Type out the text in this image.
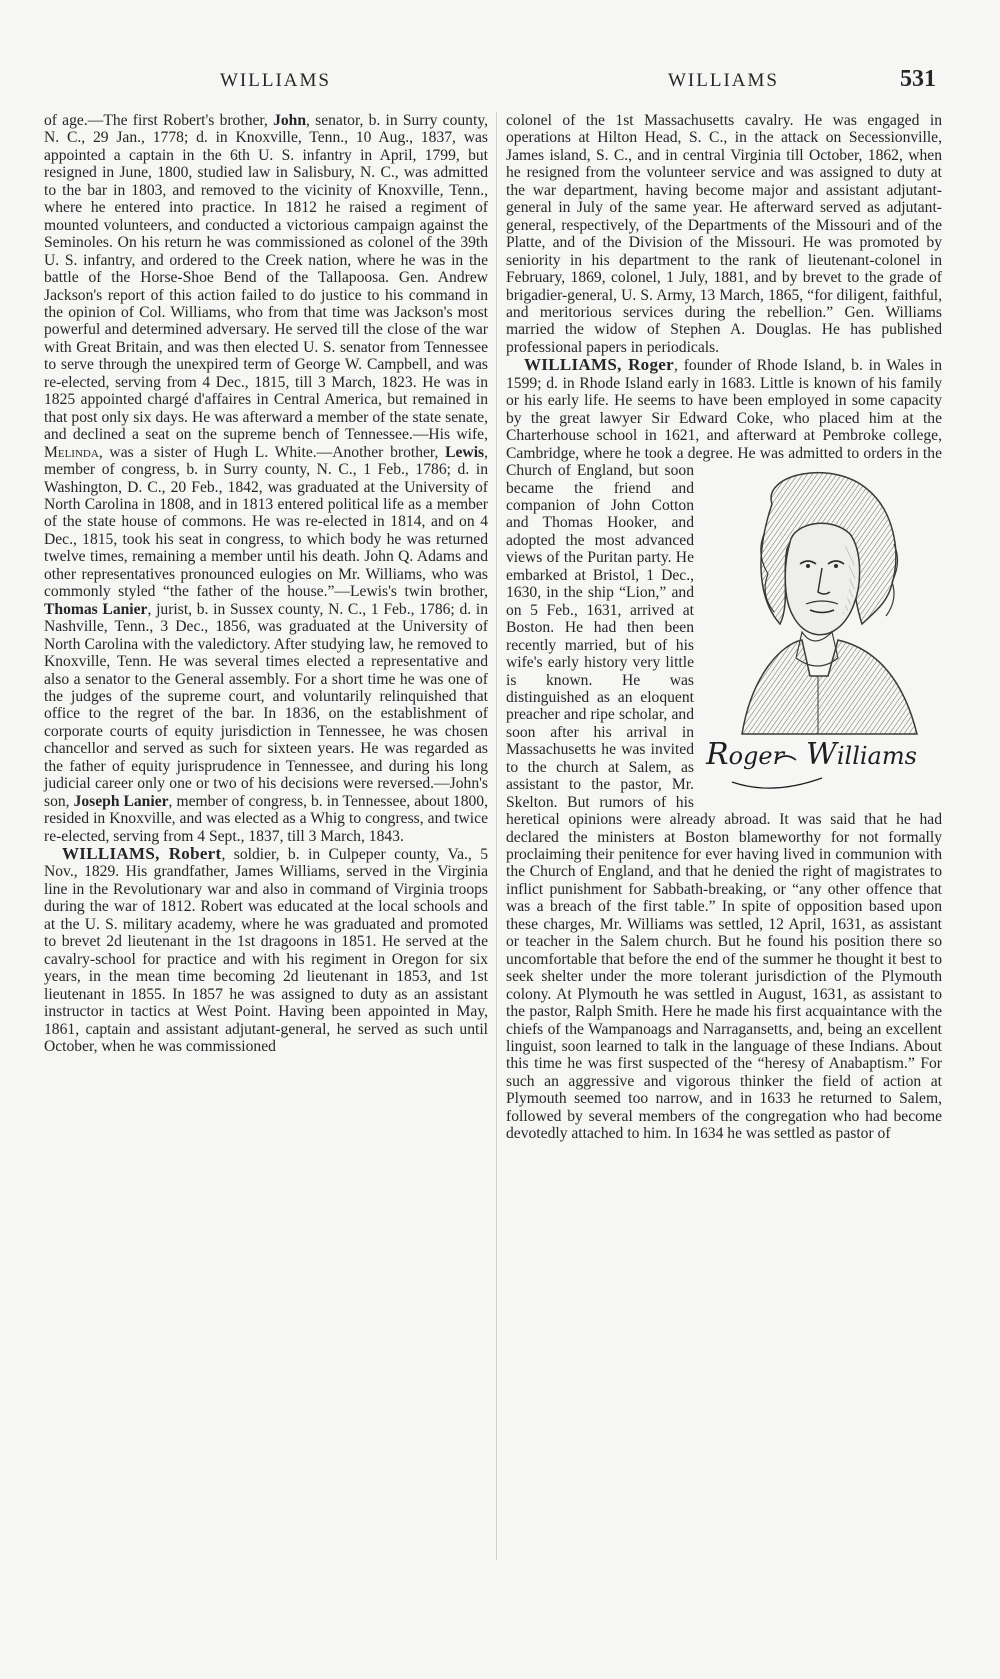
WILLIAMS	WILLIAMS	531

of age.—The first Robert's brother, John, senator, b. in Surry county, N. C., 29 Jan., 1778; d. in Knoxville, Tenn., 10 Aug., 1837, was appointed a captain in the 6th U. S. infantry in April, 1799, but resigned in June, 1800, studied law in Salisbury, N. C., was admitted to the bar in 1803, and removed to the vicinity of Knoxville, Tenn., where he entered into practice. In 1812 he raised a regiment of mounted volunteers, and conducted a victorious campaign against the Seminoles. On his return he was commissioned as colonel of the 39th U. S. infantry, and ordered to the Creek nation, where he was in the battle of the Horse-Shoe Bend of the Tallapoosa. Gen. Andrew Jackson's report of this action failed to do justice to his command in the opinion of Col. Williams, who from that time was Jackson's most powerful and determined adversary. He served till the close of the war with Great Britain, and was then elected U. S. senator from Tennessee to serve through the unexpired term of George W. Campbell, and was re-elected, serving from 4 Dec., 1815, till 3 March, 1823. He was in 1825 appointed chargé d'affaires in Central America, but remained in that post only six days. He was afterward a member of the state senate, and declined a seat on the supreme bench of Tennessee.—His wife, Melinda, was a sister of Hugh L. White.—Another brother, Lewis, member of congress, b. in Surry county, N. C., 1 Feb., 1786; d. in Washington, D. C., 20 Feb., 1842, was graduated at the University of North Carolina in 1808, and in 1813 entered political life as a member of the state house of commons. He was re-elected in 1814, and on 4 Dec., 1815, took his seat in congress, to which body he was returned twelve times, remaining a member until his death. John Q. Adams and other representatives pronounced eulogies on Mr. Williams, who was commonly styled “the father of the house.”—Lewis's twin brother, Thomas Lanier, jurist, b. in Sussex county, N. C., 1 Feb., 1786; d. in Nashville, Tenn., 3 Dec., 1856, was graduated at the University of North Carolina with the valedictory. After studying law, he removed to Knoxville, Tenn. He was several times elected a representative and also a senator to the General assembly. For a short time he was one of the judges of the supreme court, and voluntarily relinquished that office to the regret of the bar. In 1836, on the establishment of corporate courts of equity jurisdiction in Tennessee, he was chosen chancellor and served as such for sixteen years. He was regarded as the father of equity jurisprudence in Tennessee, and during his long judicial career only one or two of his decisions were reversed.—John's son, Joseph Lanier, member of congress, b. in Tennessee, about 1800, resided in Knoxville, and was elected as a Whig to congress, and twice re-elected, serving from 4 Sept., 1837, till 3 March, 1843.

WILLIAMS, Robert, soldier, b. in Culpeper county, Va., 5 Nov., 1829. His grandfather, James Williams, served in the Virginia line in the Revolutionary war and also in command of Virginia troops during the war of 1812. Robert was educated at the local schools and at the U. S. military academy, where he was graduated and promoted to brevet 2d lieutenant in the 1st dragoons in 1851. He served at the cavalry-school for practice and with his regiment in Oregon for six years, in the mean time becoming 2d lieutenant in 1853, and 1st lieutenant in 1855. In 1857 he was assigned to duty as an assistant instructor in tactics at West Point. Having been appointed in May, 1861, captain and assistant adjutant-general, he served as such until October, when he was commissioned

colonel of the 1st Massachusetts cavalry. He was engaged in operations at Hilton Head, S. C., in the attack on Secessionville, James island, S. C., and in central Virginia till October, 1862, when he resigned from the volunteer service and was assigned to duty at the war department, having become major and assistant adjutant-general in July of the same year. He afterward served as adjutant-general, respectively, of the Departments of the Missouri and of the Platte, and of the Division of the Missouri. He was promoted by seniority in his department to the rank of lieutenant-colonel in February, 1869, colonel, 1 July, 1881, and by brevet to the grade of brigadier-general, U. S. Army, 13 March, 1865, “for diligent, faithful, and meritorious services during the rebellion.” Gen. Williams married the widow of Stephen A. Douglas. He has published professional papers in periodicals.

WILLIAMS, Roger, founder of Rhode Island, b. in Wales in 1599; d. in Rhode Island early in 1683. Little is known of his family or his early life. He seems to have been employed in some capacity by the great lawyer Sir Edward Coke, who placed him at the Charterhouse school in 1621, and afterward at Pembroke college, Cambridge, where he took a degree.
Roger Williams
He was admitted to orders in the Church of England, but soon became the friend and companion of John Cotton and Thomas Hooker, and adopted the most advanced views of the Puritan party. He embarked at Bristol, 1 Dec., 1630, in the ship “Lion,” and on 5 Feb., 1631, arrived at Boston. He had then been recently married, but of his wife's early history very little is known. He was distinguished as an eloquent preacher and ripe scholar, and soon after his arrival in Massachusetts he was invited to the church at Salem, as assistant to the pastor, Mr. Skelton. But rumors of his heretical opinions were already abroad. It was said that he had declared the ministers at Boston blameworthy for not formally proclaiming their penitence for ever having lived in communion with the Church of England, and that he denied the right of magistrates to inflict punishment for Sabbath-breaking, or “any other offence that was a breach of the first table.” In spite of opposition based upon these charges, Mr. Williams was settled, 12 April, 1631, as assistant or teacher in the Salem church. But he found his position there so uncomfortable that before the end of the summer he thought it best to seek shelter under the more tolerant jurisdiction of the Plymouth colony. At Plymouth he was settled in August, 1631, as assistant to the pastor, Ralph Smith. Here he made his first acquaintance with the chiefs of the Wampanoags and Narragansetts, and, being an excellent linguist, soon learned to talk in the language of these Indians. About this time he was first suspected of the “heresy of Anabaptism.” For such an aggressive and vigorous thinker the field of action at Plymouth seemed too narrow, and in 1633 he returned to Salem, followed by several members of the congregation who had become devotedly attached to him. In 1634 he was settled as pastor of
